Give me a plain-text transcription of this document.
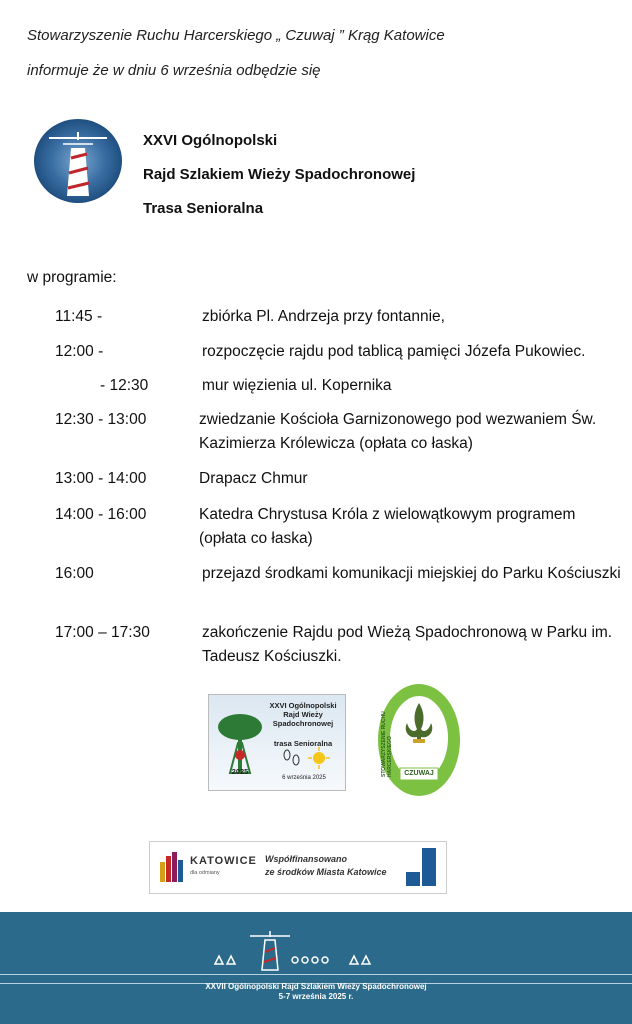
Stowarzyszenie Ruchu Harcerskiego „ Czuwaj ” Krąg Katowice
informuje że w dniu 6 września odbędzie się
XXVI Ogólnopolski
Rajd Szlakiem Wieży Spadochronowej
Trasa Senioralna
w programie:
11:45 -	zbiórka Pl. Andrzeja przy fontannie,
12:00 -	rozpoczęcie rajdu pod tablicą pamięci Józefa Pukowiec.
- 12:30	mur więzienia ul. Kopernika
12:30 - 13:00	zwiedzanie Kościoła Garnizonowego pod wezwaniem Św. Kazimierza Królewicza (opłata co łaska)
13:00 - 14:00	Drapacz Chmur
14:00 - 16:00	Katedra Chrystusa Króla z wielowątkowym programem (opłata co łaska)
16:00	przejazd środkami komunikacji miejskiej do Parku Kościuszki
17:00 – 17:30	zakończenie Rajdu pod Wieżą Spadochronową w Parku im. Tadeusz Kościuszki.
XXVI Ogólnopolski
Rajd Wieży
Spadochronowej
trasa Senioralna
2025
6 września 2025
STOWARZYSZENIE RUCHU HARCERSKIEGO	CZUWAJ
KATOWICE
dla odmiany
Współfinansowano
ze środków Miasta Katowice
XXVII Ogólnopolski Rajd Szlakiem Wieży Spadochronowej
5-7 września 2025 r.
